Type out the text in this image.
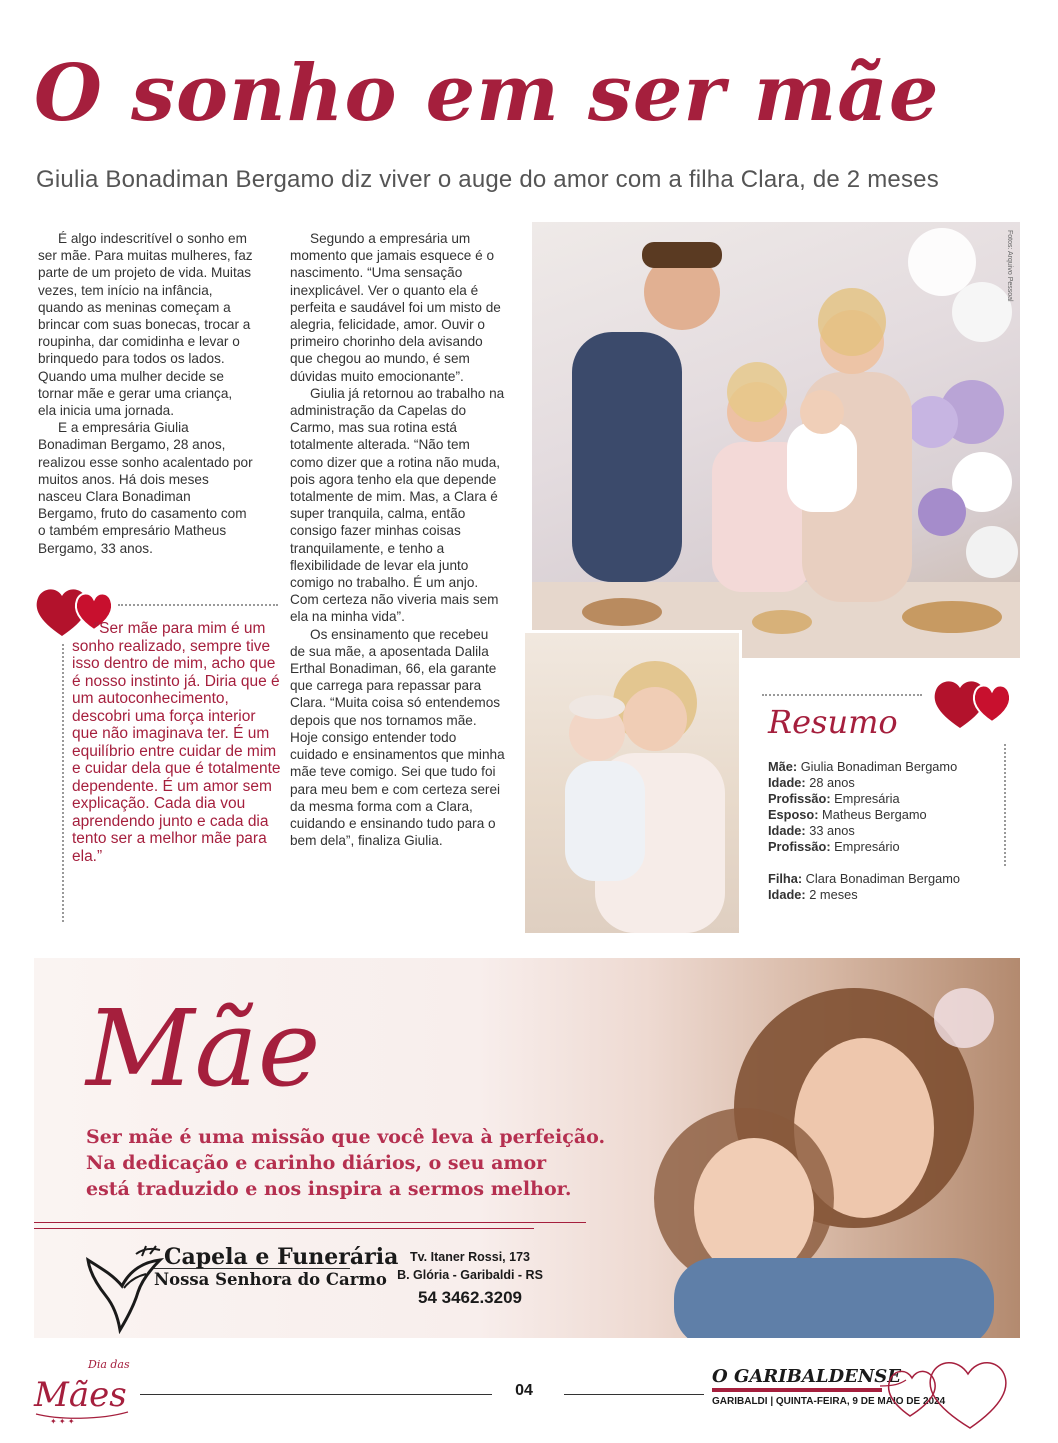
O sonho em ser mãe
Giulia Bonadiman Bergamo diz viver o auge do amor com a filha Clara, de 2 meses

É algo indescritível o sonho em ser mãe. Para muitas mulheres, faz parte de um projeto de vida. Muitas vezes, tem início na infância, quando as meninas começam a brincar com suas bonecas, trocar a roupinha, dar comidinha e levar o brinquedo para todos os lados. Quando uma mulher decide se tornar mãe e gerar uma criança, ela inicia uma jornada.

E a empresária Giulia Bonadiman Bergamo, 28 anos, realizou esse sonho acalentado por muitos anos. Há dois meses nasceu Clara Bonadiman Bergamo, fruto do casamento com o também empresário Matheus Bergamo, 33 anos.

“Ser mãe para mim é um sonho realizado, sempre tive isso dentro de mim, acho que é nosso instinto já. Diria que é um autoconhecimento, descobri uma força interior que não imaginava ter. É um equilíbrio entre cuidar de mim e cuidar dela que é totalmente dependente. É um amor sem explicação. Cada dia vou aprendendo junto e cada dia tento ser a melhor mãe para ela.”

Segundo a empresária um momento que jamais esquece é o nascimento. “Uma sensação inexplicável. Ver o quanto ela é perfeita e saudável foi um misto de alegria, felicidade, amor. Ouvir o primeiro chorinho dela avisando que chegou ao mundo, é sem dúvidas muito emocionante”.

Giulia já retornou ao trabalho na administração da Capelas do Carmo, mas sua rotina está totalmente alterada. “Não tem como dizer que a rotina não muda, pois agora tenho ela que depende totalmente de mim. Mas, a Clara é super tranquila, calma, então consigo fazer minhas coisas tranquilamente, e tenho a flexibilidade de levar ela junto comigo no trabalho. É um anjo. Com certeza não viveria mais sem ela na minha vida”.

Os ensinamento que recebeu de sua mãe, a aposentada Dalila Erthal Bonadiman, 66, ela garante que carrega para repassar para Clara. “Muita coisa só entendemos depois que nos tornamos mãe. Hoje consigo entender todo cuidado e ensinamentos que minha mãe teve comigo. Sei que tudo foi para meu bem e com certeza serei da mesma forma com a Clara, cuidando e ensinando tudo para o bem dela”, finaliza Giulia.

Fotos: Arquivo Pessoal
Resumo
Mãe: Giulia Bonadiman Bergamo
Idade: 28 anos
Profissão: Empresária
Esposo: Matheus Bergamo
Idade: 33 anos
Profissão: Empresário
Filha: Clara Bonadiman Bergamo
Idade: 2 meses
Mãe
Ser mãe é uma missão que você leva à perfeição.
Na dedicação e carinho diários, o seu amor
está traduzido e nos inspira a sermos melhor.
Capela e Funerária
Nossa Senhora do Carmo
Tv. Itaner Rossi, 173
B. Glória - Garibaldi - RS
54 3462.3209
Dia das
Mães
✦ ✦ ✦
04
O GARIBALDENSE
GARIBALDI | QUINTA-FEIRA, 9 DE MAIO DE 2024
